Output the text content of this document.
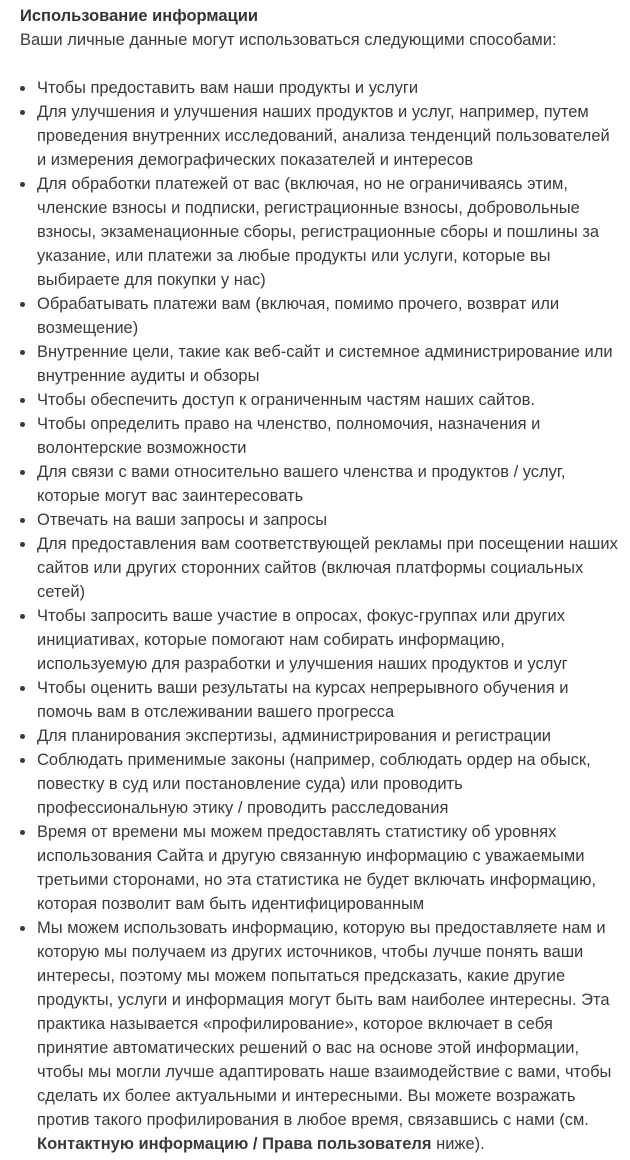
Использование информации

Ваши личные данные могут использоваться следующими способами:

Чтобы предоставить вам наши продукты и услуги
Для улучшения и улучшения наших продуктов и услуг, например, путем проведения внутренних исследований, анализа тенденций пользователей и измерения демографических показателей и интересов
Для обработки платежей от вас (включая, но не ограничиваясь этим, членские взносы и подписки, регистрационные взносы, добровольные взносы, экзаменационные сборы, регистрационные сборы и пошлины за указание, или платежи за любые продукты или услуги, которые вы выбираете для покупки у нас)
Обрабатывать платежи вам (включая, помимо прочего, возврат или возмещение)
Внутренние цели, такие как веб-сайт и системное администрирование или внутренние аудиты и обзоры
Чтобы обеспечить доступ к ограниченным частям наших сайтов.
Чтобы определить право на членство, полномочия, назначения и волонтерские возможности
Для связи с вами относительно вашего членства и продуктов / услуг, которые могут вас заинтересовать
Отвечать на ваши запросы и запросы
Для предоставления вам соответствующей рекламы при посещении наших сайтов или других сторонних сайтов (включая платформы социальных сетей)
Чтобы запросить ваше участие в опросах, фокус-группах или других инициативах, которые помогают нам собирать информацию, используемую для разработки и улучшения наших продуктов и услуг
Чтобы оценить ваши результаты на курсах непрерывного обучения и помочь вам в отслеживании вашего прогресса
Для планирования экспертизы, администрирования и регистрации
Соблюдать применимые законы (например, соблюдать ордер на обыск, повестку в суд или постановление суда) или проводить профессиональную этику / проводить расследования
Время от времени мы можем предоставлять статистику об уровнях использования Сайта и другую связанную информацию с уважаемыми третьими сторонами, но эта статистика не будет включать информацию, которая позволит вам быть идентифицированным
Мы можем использовать информацию, которую вы предоставляете нам и которую мы получаем из других источников, чтобы лучше понять ваши интересы, поэтому мы можем попытаться предсказать, какие другие продукты, услуги и информация могут быть вам наиболее интересны. Эта практика называется «профилирование», которое включает в себя принятие автоматических решений о вас на основе этой информации, чтобы мы могли лучше адаптировать наше взаимодействие с вами, чтобы сделать их более актуальными и интересными. Вы можете возражать против такого профилирования в любое время, связавшись с нами (см. Контактную информацию / Права пользователя ниже).
